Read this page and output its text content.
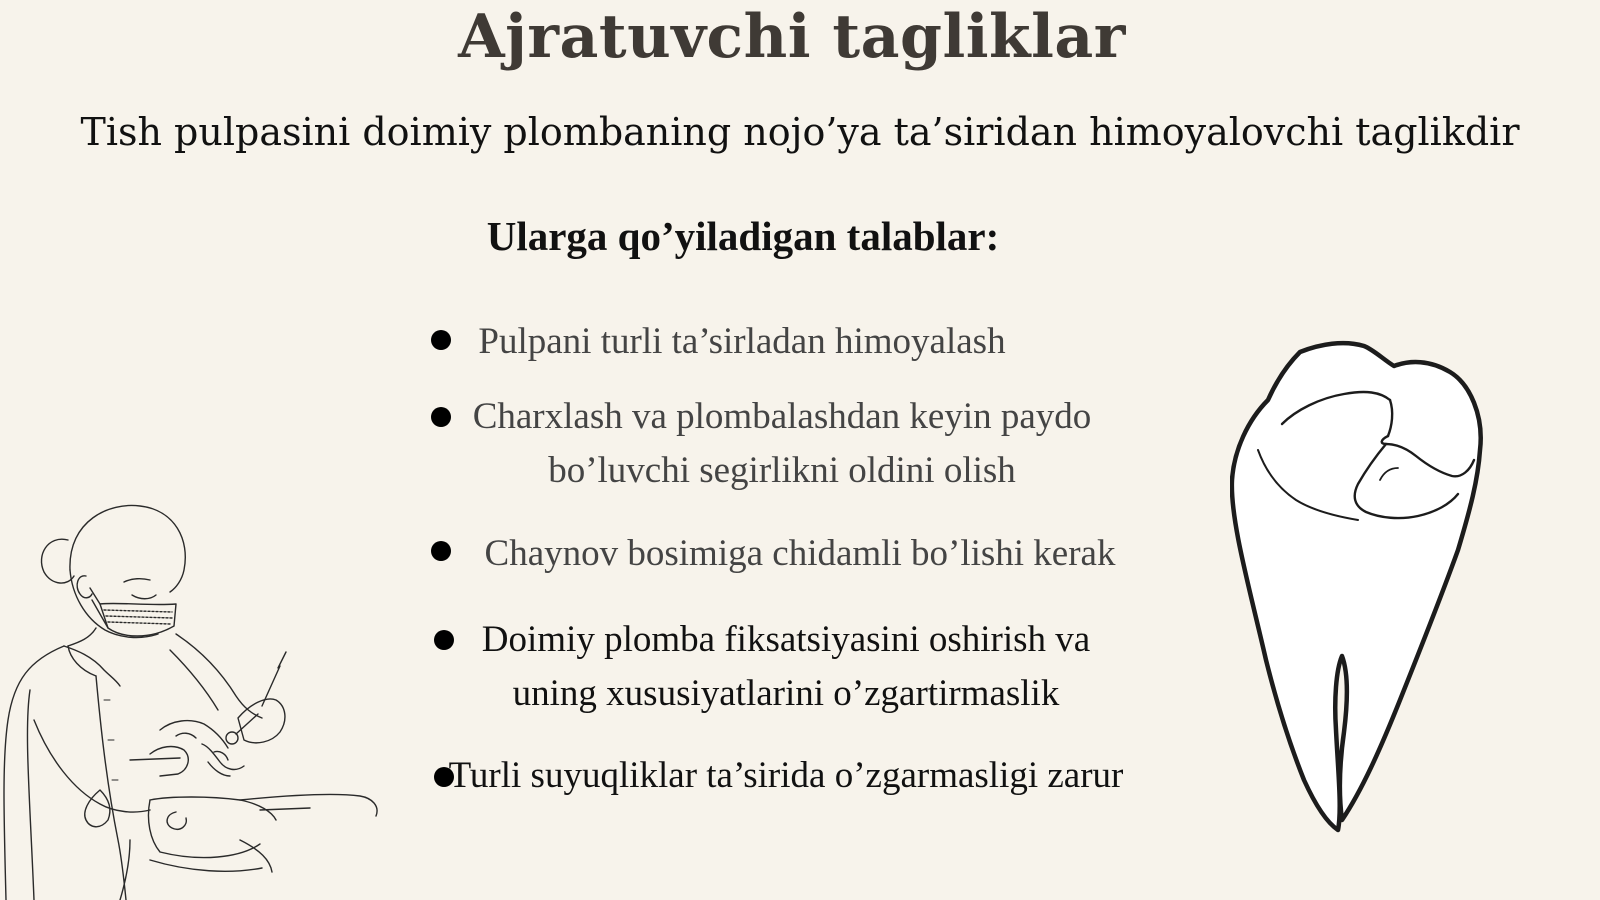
Ajratuvchi tagliklar
Tish pulpasini doimiy plombaning nojo’ya ta’siridan himoyalovchi taglikdir
Ularga qo’yiladigan talablar:
Pulpani turli ta’sirladan himoyalash
Charxlash va plombalashdan keyin paydo bo’luvchi segirlikni oldini olish
Chaynov bosimiga chidamli bo’lishi kerak
Doimiy plomba fiksatsiyasini oshirish va uning xususiyatlarini o’zgartirmaslik
Turli suyuqliklar ta’sirida o’zgarmasligi zarur
